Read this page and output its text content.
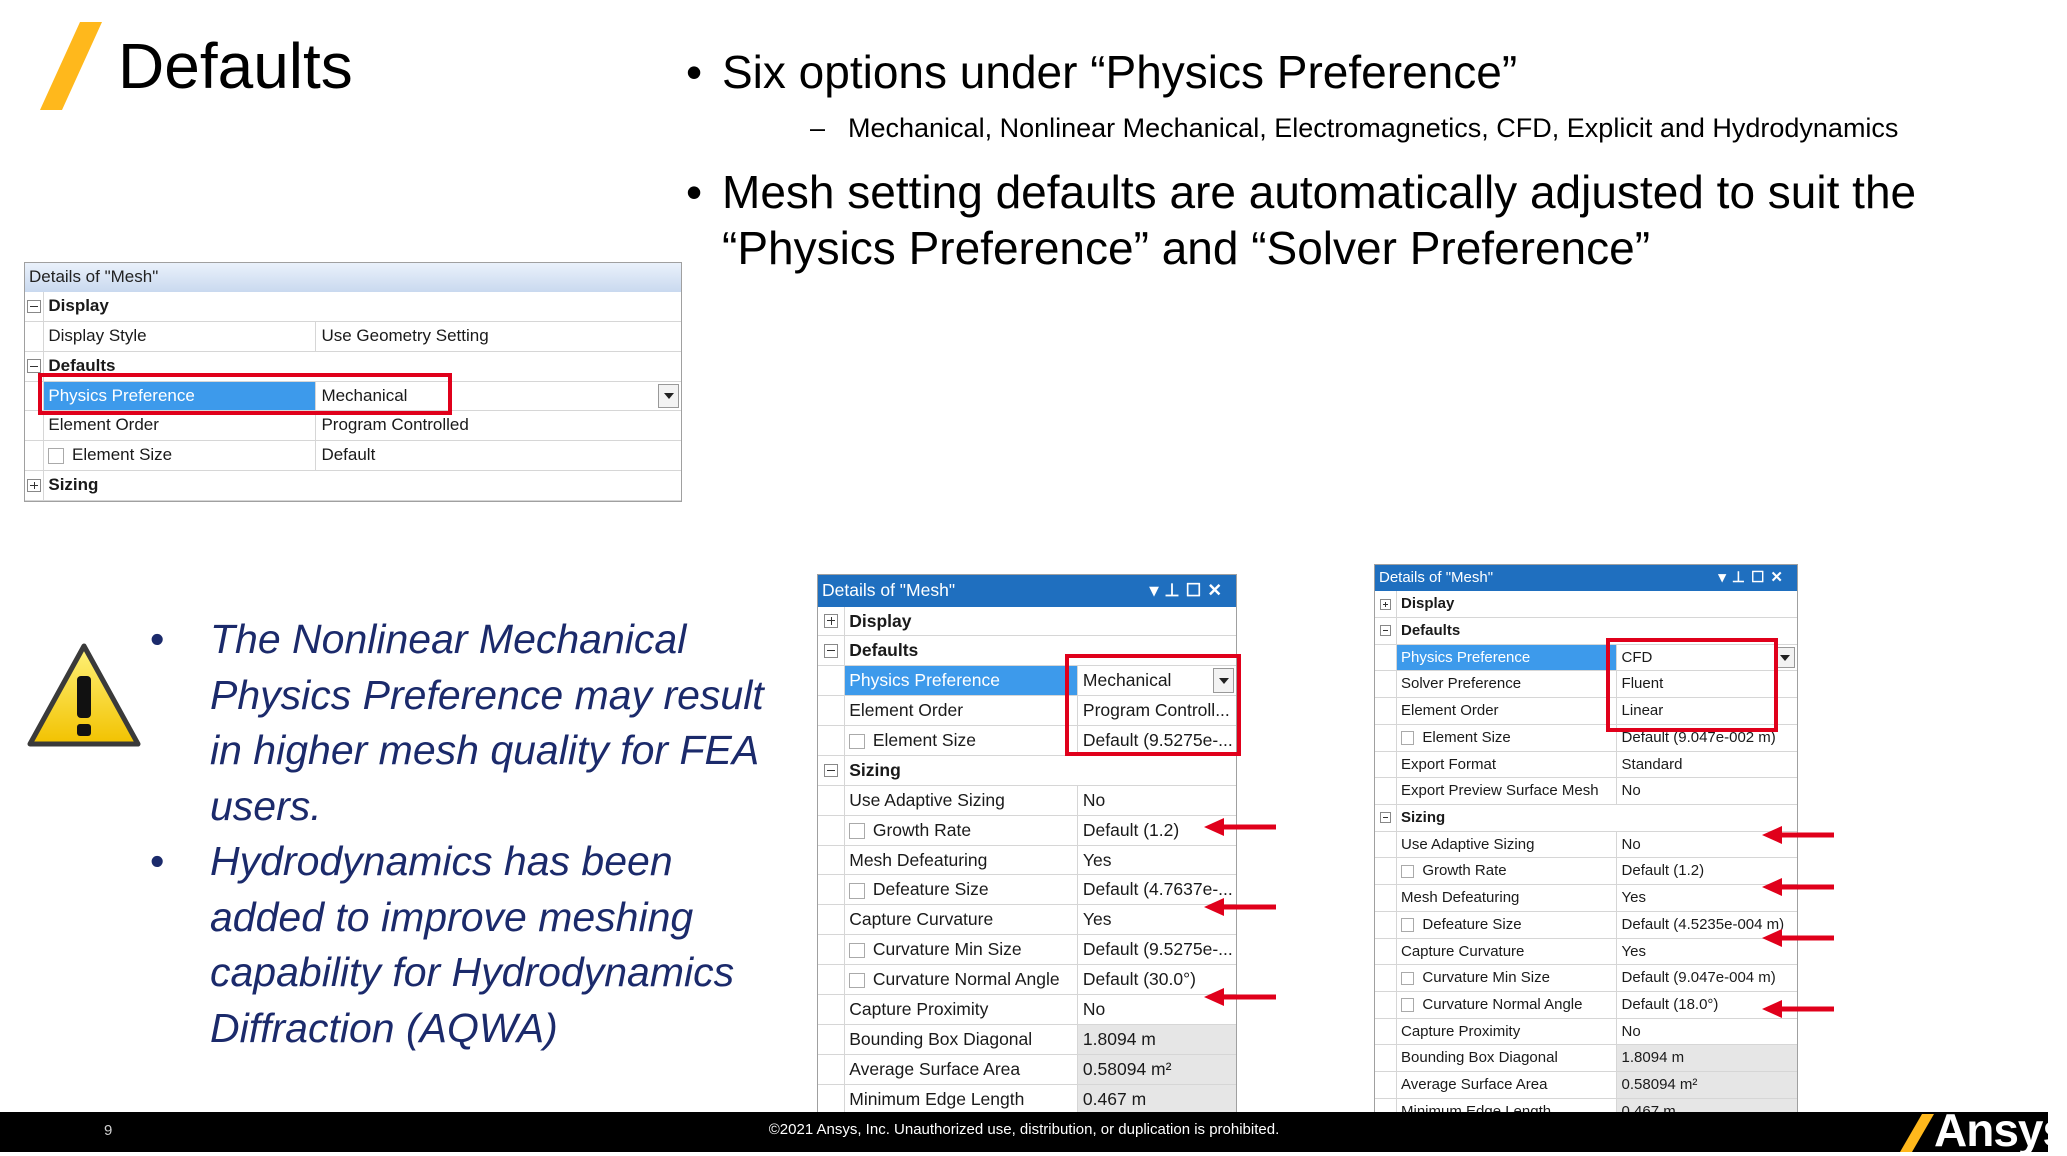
Defaults	• Six options under “Physics Preference”
– Mechanical, Nonlinear Mechanical, Electromagnetics, CFD, Explicit and Hydrodynamics
• Mesh setting defaults are automatically adjusted to suit the
“Physics Preference” and “Solver Preference”
Details of "Mesh"
Display
Display Style	Use Geometry Setting
Defaults
Physics Preference	Mechanical
Element Order	Program Controlled
Element Size	Default
Sizing
Details of "Mesh"	▾⊥☐✕
Display
Defaults
Physics Preference	Mechanical
Element Order	Program Controll...
Element Size	Default (9.5275e-...
Sizing
Use Adaptive Sizing	No
Growth Rate	Default (1.2)
Mesh Defeaturing	Yes
Defeature Size	Default (4.7637e-...
Capture Curvature	Yes
Curvature Min Size	Default (9.5275e-...
Curvature Normal Angle	Default (30.0°)
Capture Proximity	No
Bounding Box Diagonal	1.8094 m
Average Surface Area	0.58094 m²
Minimum Edge Length	0.467 m
Details of "Mesh"	▾⊥☐✕
Display
Defaults
Physics Preference	CFD
Solver Preference	Fluent
Element Order	Linear
Element Size	Default (9.047e-002 m)
Export Format	Standard
Export Preview Surface Mesh	No
Sizing
Use Adaptive Sizing	No
Growth Rate	Default (1.2)
Mesh Defeaturing	Yes
Defeature Size	Default (4.5235e-004 m)
Capture Curvature	Yes
Curvature Min Size	Default (9.047e-004 m)
Curvature Normal Angle	Default (18.0°)
Capture Proximity	No
Bounding Box Diagonal	1.8094 m
Average Surface Area	0.58094 m²
• The Nonlinear Mechanical Physics Preference may result in higher mesh quality for FEA users.
• Hydrodynamics has been added to improve meshing capability for Hydrodynamics Diffraction (AQWA)
9	©2021 Ansys, Inc. Unauthorized use, distribution, or duplication is prohibited.	Ansys
